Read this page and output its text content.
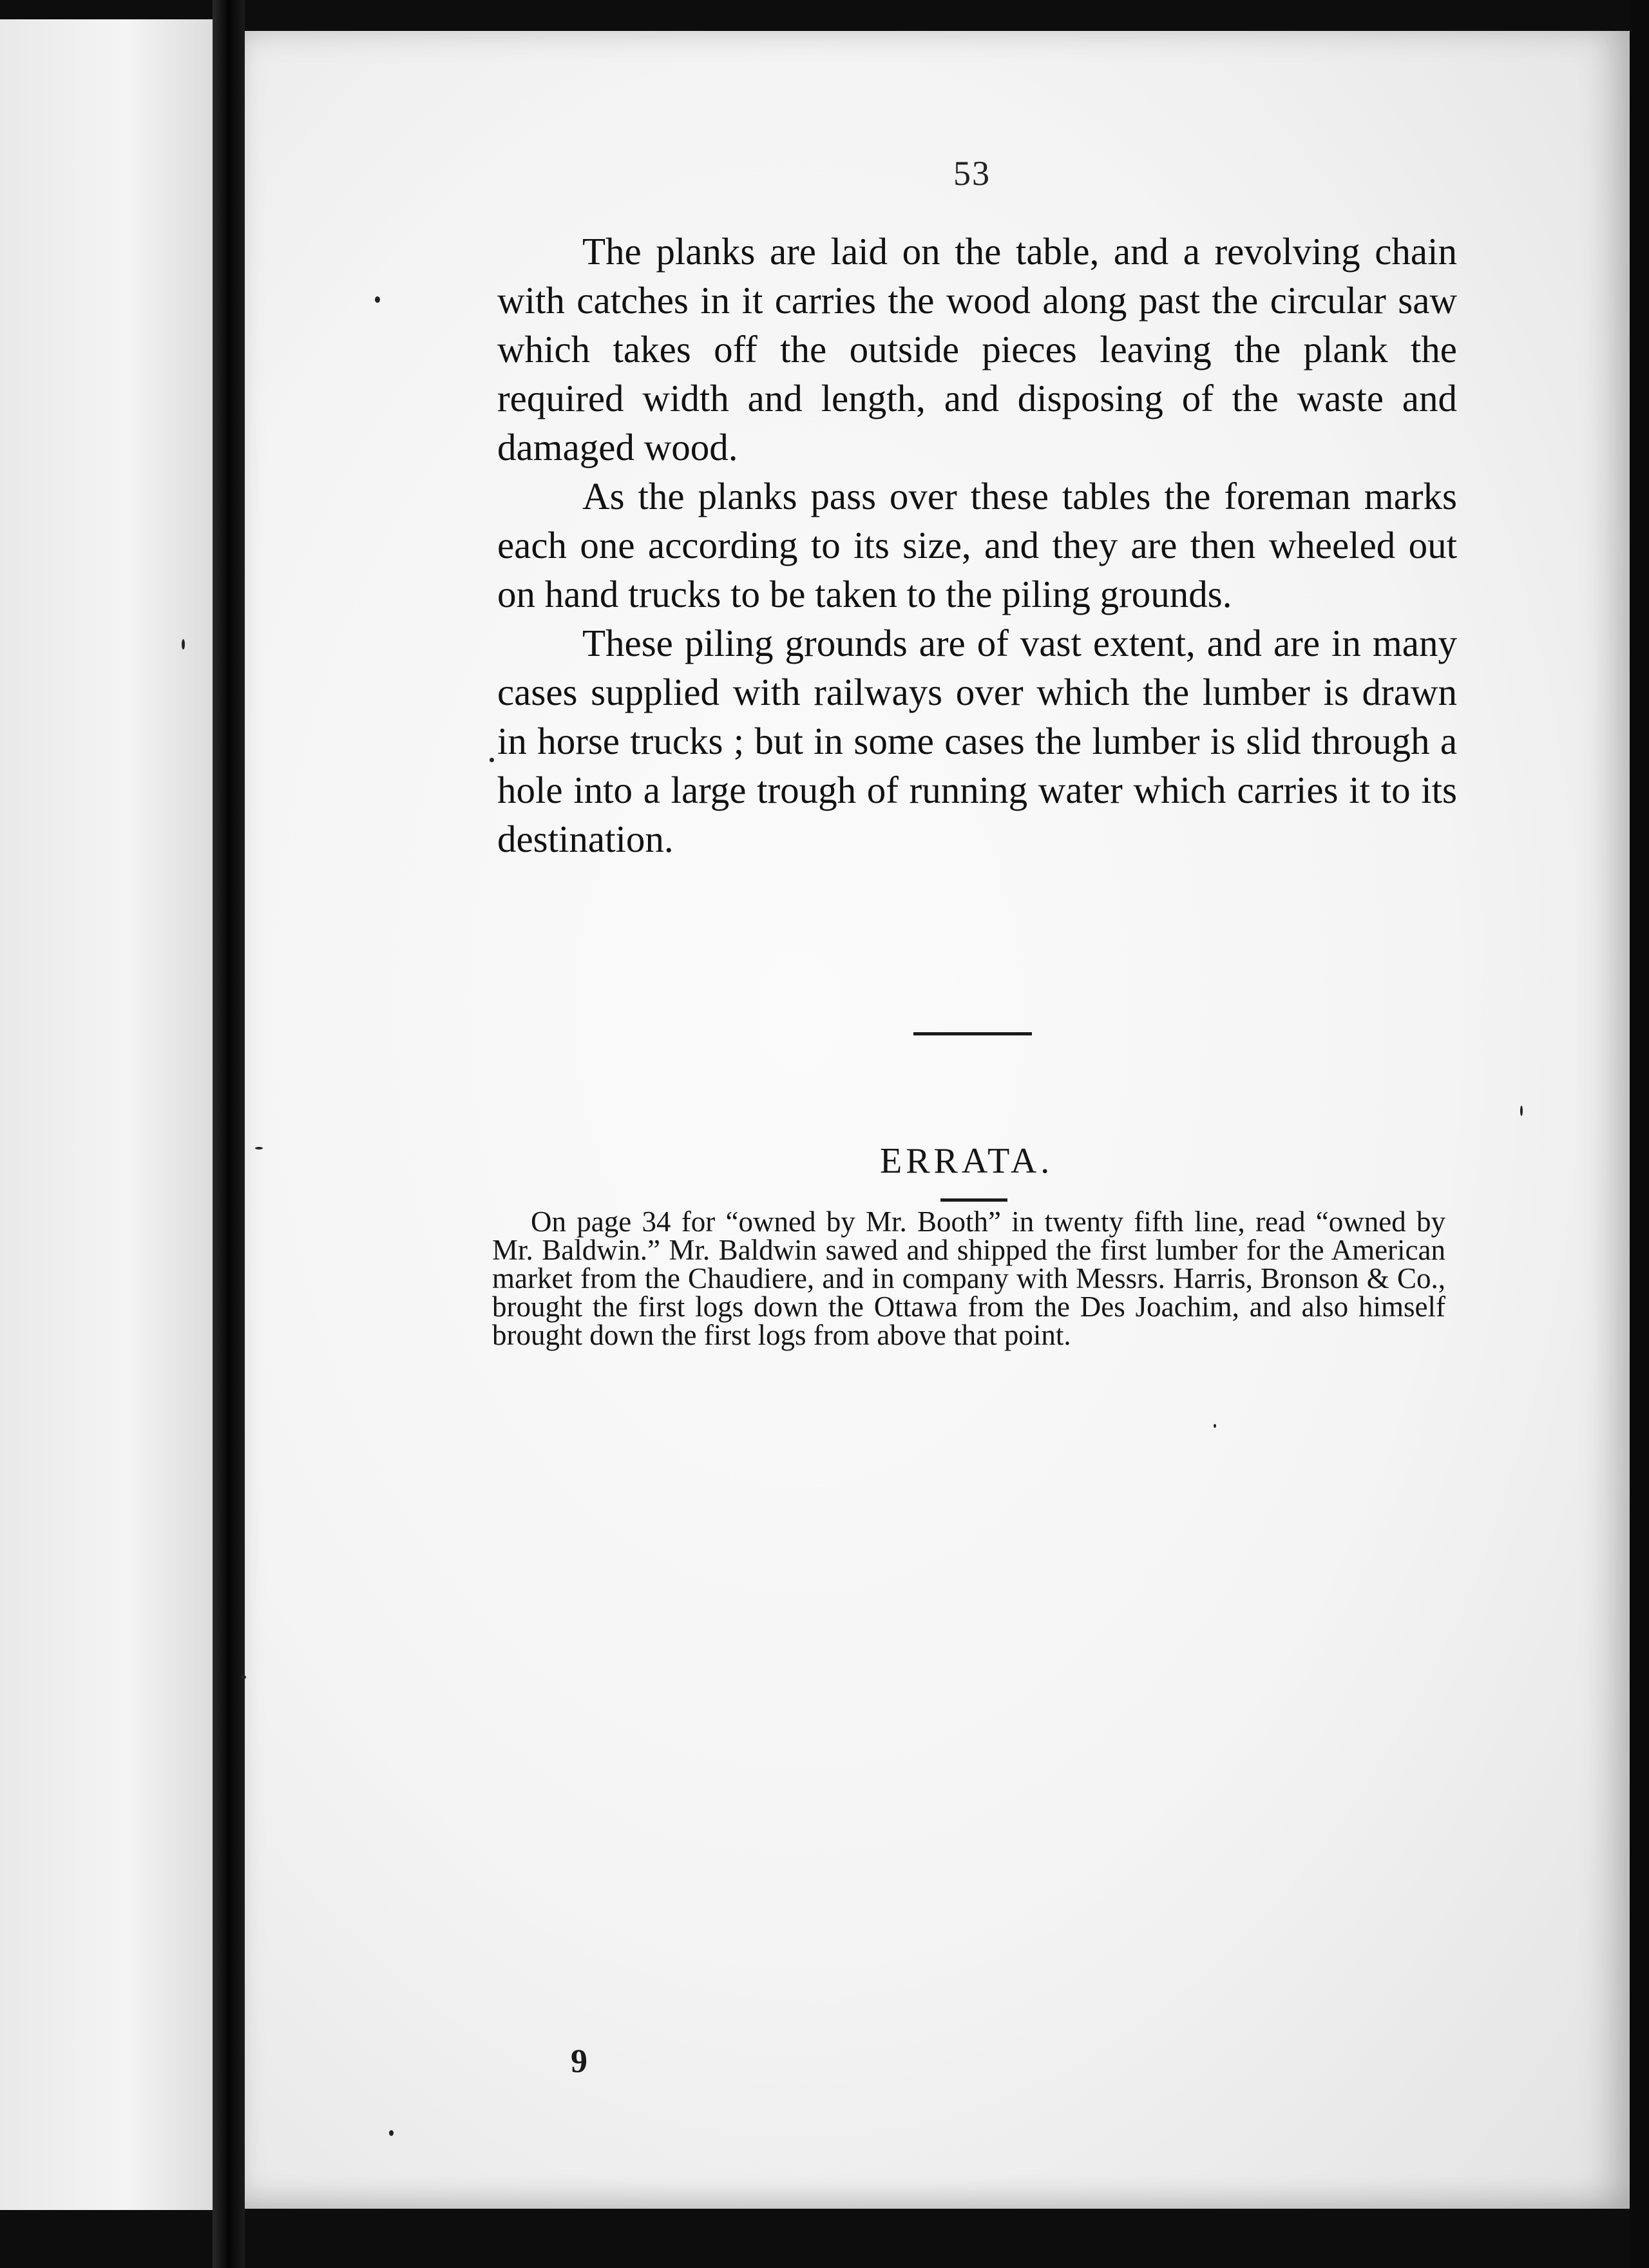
53

The planks are laid on the table, and a revolving chain with catches in it carries the wood along past the circular saw which takes off the outside pieces leaving the plank the required width and length, and disposing of the waste and damaged wood.

As the planks pass over these tables the foreman marks each one according to its size, and they are then wheeled out on hand trucks to be taken to the piling grounds.

These piling grounds are of vast extent, and are in many cases supplied with railways over which the lumber is drawn in horse trucks ; but in some cases the lumber is slid through a hole into a large trough of running water which carries it to its destination.

ERRATA.
On page 34 for “owned by Mr. Booth” in twenty fifth line, read “owned by Mr. Baldwin.” Mr. Baldwin sawed and shipped the first lumber for the American market from the Chaudiere, and in company with Messrs. Harris, Bronson & Co., brought the first logs down the Ottawa from the Des Joachim, and also himself brought down the first logs from above that point.
9
